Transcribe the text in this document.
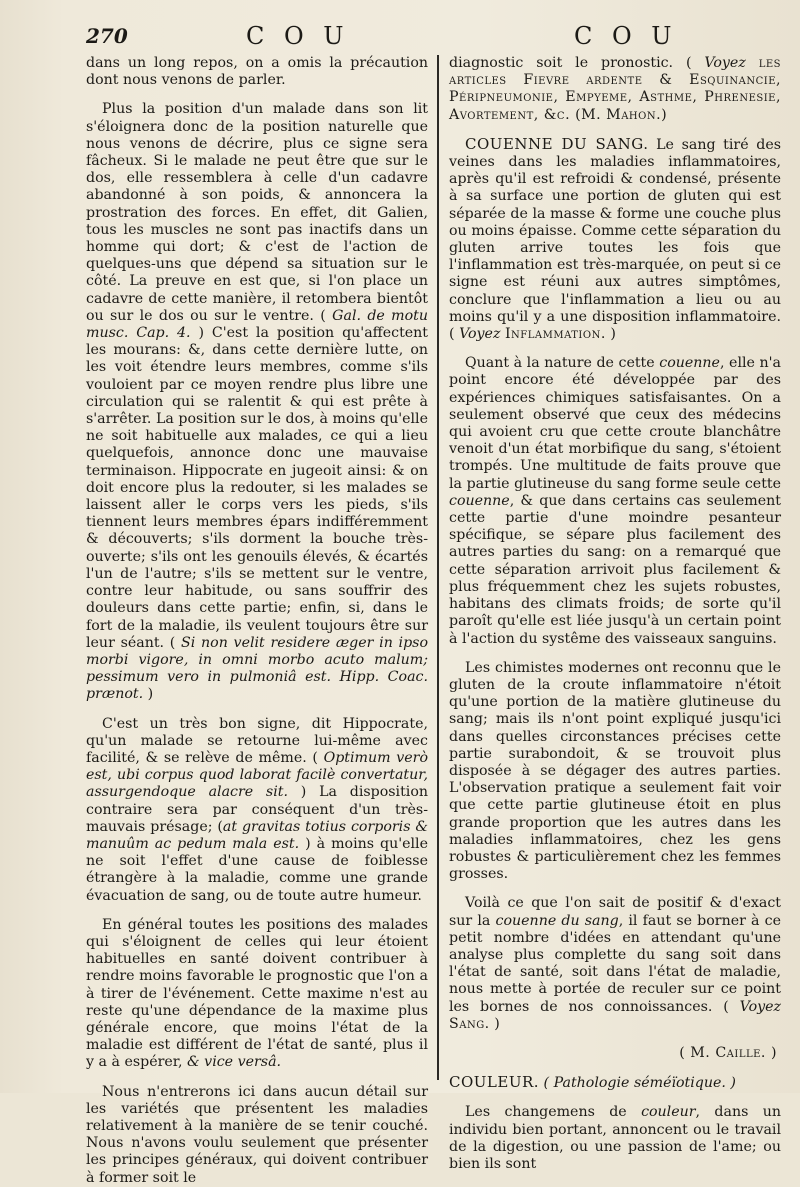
270	C O U	C O U

dans un long repos, on a omis la précaution dont nous venons de parler.

Plus la position d'un malade dans son lit s'éloignera donc de la position naturelle que nous venons de décrire, plus ce signe sera fâcheux. Si le malade ne peut être que sur le dos, elle ressemblera à celle d'un cadavre abandonné à son poids, & annoncera la prostration des forces. En effet, dit Galien, tous les muscles ne sont pas inactifs dans un homme qui dort; & c'est de l'action de quelques-uns que dépend sa situation sur le côté. La preuve en est que, si l'on place un cadavre de cette manière, il retombera bientôt ou sur le dos ou sur le ventre. ( Gal. de motu musc. Cap. 4. ) C'est la position qu'affectent les mourans: &, dans cette dernière lutte, on les voit étendre leurs membres, comme s'ils vouloient par ce moyen rendre plus libre une circulation qui se ralentit & qui est prête à s'arrêter. La position sur le dos, à moins qu'elle ne soit habituelle aux malades, ce qui a lieu quelquefois, annonce donc une mauvaise terminaison. Hippocrate en jugeoit ainsi: & on doit encore plus la redouter, si les malades se laissent aller le corps vers les pieds, s'ils tiennent leurs membres épars indifféremment & découverts; s'ils dorment la bouche très-ouverte; s'ils ont les genouils élevés, & écartés l'un de l'autre; s'ils se mettent sur le ventre, contre leur habitude, ou sans souffrir des douleurs dans cette partie; enfin, si, dans le fort de la maladie, ils veulent toujours être sur leur séant. ( Si non velit residere æger in ipso morbi vigore, in omni morbo acuto malum; pessimum vero in pulmoniâ est. Hipp. Coac. prænot. )

C'est un très bon signe, dit Hippocrate, qu'un malade se retourne lui-même avec facilité, & se relève de même. ( Optimum verò est, ubi corpus quod laborat facilè convertatur, assurgendoque alacre sit. ) La disposition contraire sera par conséquent d'un très-mauvais présage; (at gravitas totius corporis & manuûm ac pedum mala est. ) à moins qu'elle ne soit l'effet d'une cause de foiblesse étrangère à la maladie, comme une grande évacuation de sang, ou de toute autre humeur.

En général toutes les positions des malades qui s'éloignent de celles qui leur étoient habituelles en santé doivent contribuer à rendre moins favorable le prognostic que l'on a à tirer de l'événement. Cette maxime n'est au reste qu'une dépendance de la maxime plus générale encore, que moins l'état de la maladie est différent de l'état de santé, plus il y a à espérer, & vice versâ.

Nous n'entrerons ici dans aucun détail sur les variétés que présentent les maladies relativement à la manière de se tenir couché. Nous n'avons voulu seulement que présenter les principes généraux, qui doivent contribuer à former soit le

diagnostic soit le pronostic. ( Voyez les articles Fievre ardente & Esquinancie, Péripneumonie, Empyeme, Asthme, Phrenesie, Avortement, &c. (M. Mahon.)

COUENNE DU SANG. Le sang tiré des veines dans les maladies inflammatoires, après qu'il est refroidi & condensé, présente à sa surface une portion de gluten qui est séparée de la masse & forme une couche plus ou moins épaisse. Comme cette séparation du gluten arrive toutes les fois que l'inflammation est très-marquée, on peut si ce signe est réuni aux autres simptômes, conclure que l'inflammation a lieu ou au moins qu'il y a une disposition inflammatoire. ( Voyez Inflammation. )

Quant à la nature de cette couenne, elle n'a point encore été développée par des expériences chimiques satisfaisantes. On a seulement observé que ceux des médecins qui avoient cru que cette croute blanchâtre venoit d'un état morbifique du sang, s'étoient trompés. Une multitude de faits prouve que la partie glutineuse du sang forme seule cette couenne, & que dans certains cas seulement cette partie d'une moindre pesanteur spécifique, se sépare plus facilement des autres parties du sang: on a remarqué que cette séparation arrivoit plus facilement & plus fréquemment chez les sujets robustes, habitans des climats froids; de sorte qu'il paroît qu'elle est liée jusqu'à un certain point à l'action du systême des vaisseaux sanguins.

Les chimistes modernes ont reconnu que le gluten de la croute inflammatoire n'étoit qu'une portion de la matière glutineuse du sang; mais ils n'ont point expliqué jusqu'ici dans quelles circonstances précises cette partie surabondoit, & se trouvoit plus disposée à se dégager des autres parties. L'observation pratique a seulement fait voir que cette partie glutineuse étoit en plus grande proportion que les autres dans les maladies inflammatoires, chez les gens robustes & particulièrement chez les femmes grosses.

Voilà ce que l'on sait de positif & d'exact sur la couenne du sang, il faut se borner à ce petit nombre d'idées en attendant qu'une analyse plus complette du sang soit dans l'état de santé, soit dans l'état de maladie, nous mette à portée de reculer sur ce point les bornes de nos connoissances. ( Voyez Sang. )

( M. Caille. )

COULEUR. ( Pathologie séméïotique. )

Les changemens de couleur, dans un individu bien portant, annoncent ou le travail de la digestion, ou une passion de l'ame; ou bien ils sont
